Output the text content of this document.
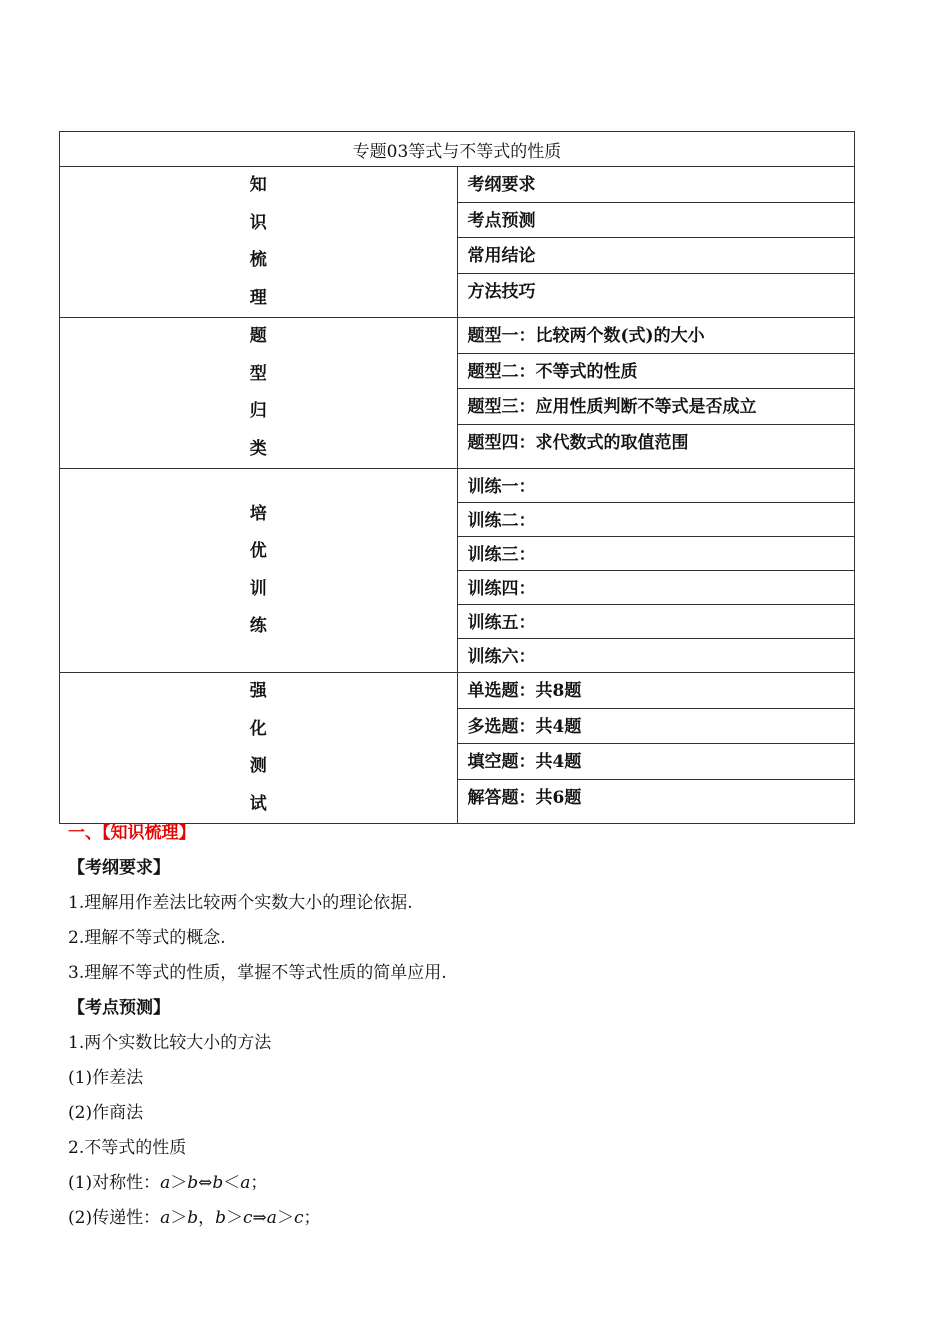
专题03等式与不等式的性质	

知
识
梳
理	考纲要求
	考点预测
	常用结论
	方法技巧

题
型
归
类	题型一：比较两个数(式)的大小
	题型二：不等式的性质
	题型三：应用性质判断不等式是否成立
	题型四：求代数式的取值范围

培
优
训
练	训练一：
	训练二：
	训练三：
	训练四：
	训练五：
	训练六：

强
化
测
试	单选题：共8题
	多选题：共4题
	填空题：共4题
	解答题：共6题

一、【知识梳理】

【考纲要求】

1.理解用作差法比较两个实数大小的理论依据.

2.理解不等式的概念.

3.理解不等式的性质，掌握不等式性质的简单应用.

【考点预测】

1.两个实数比较大小的方法

(1)作差法

(2)作商法

2.不等式的性质

(1)对称性：a＞b⇔b＜a；

(2)传递性：a＞b，b＞c⇒a＞c；
